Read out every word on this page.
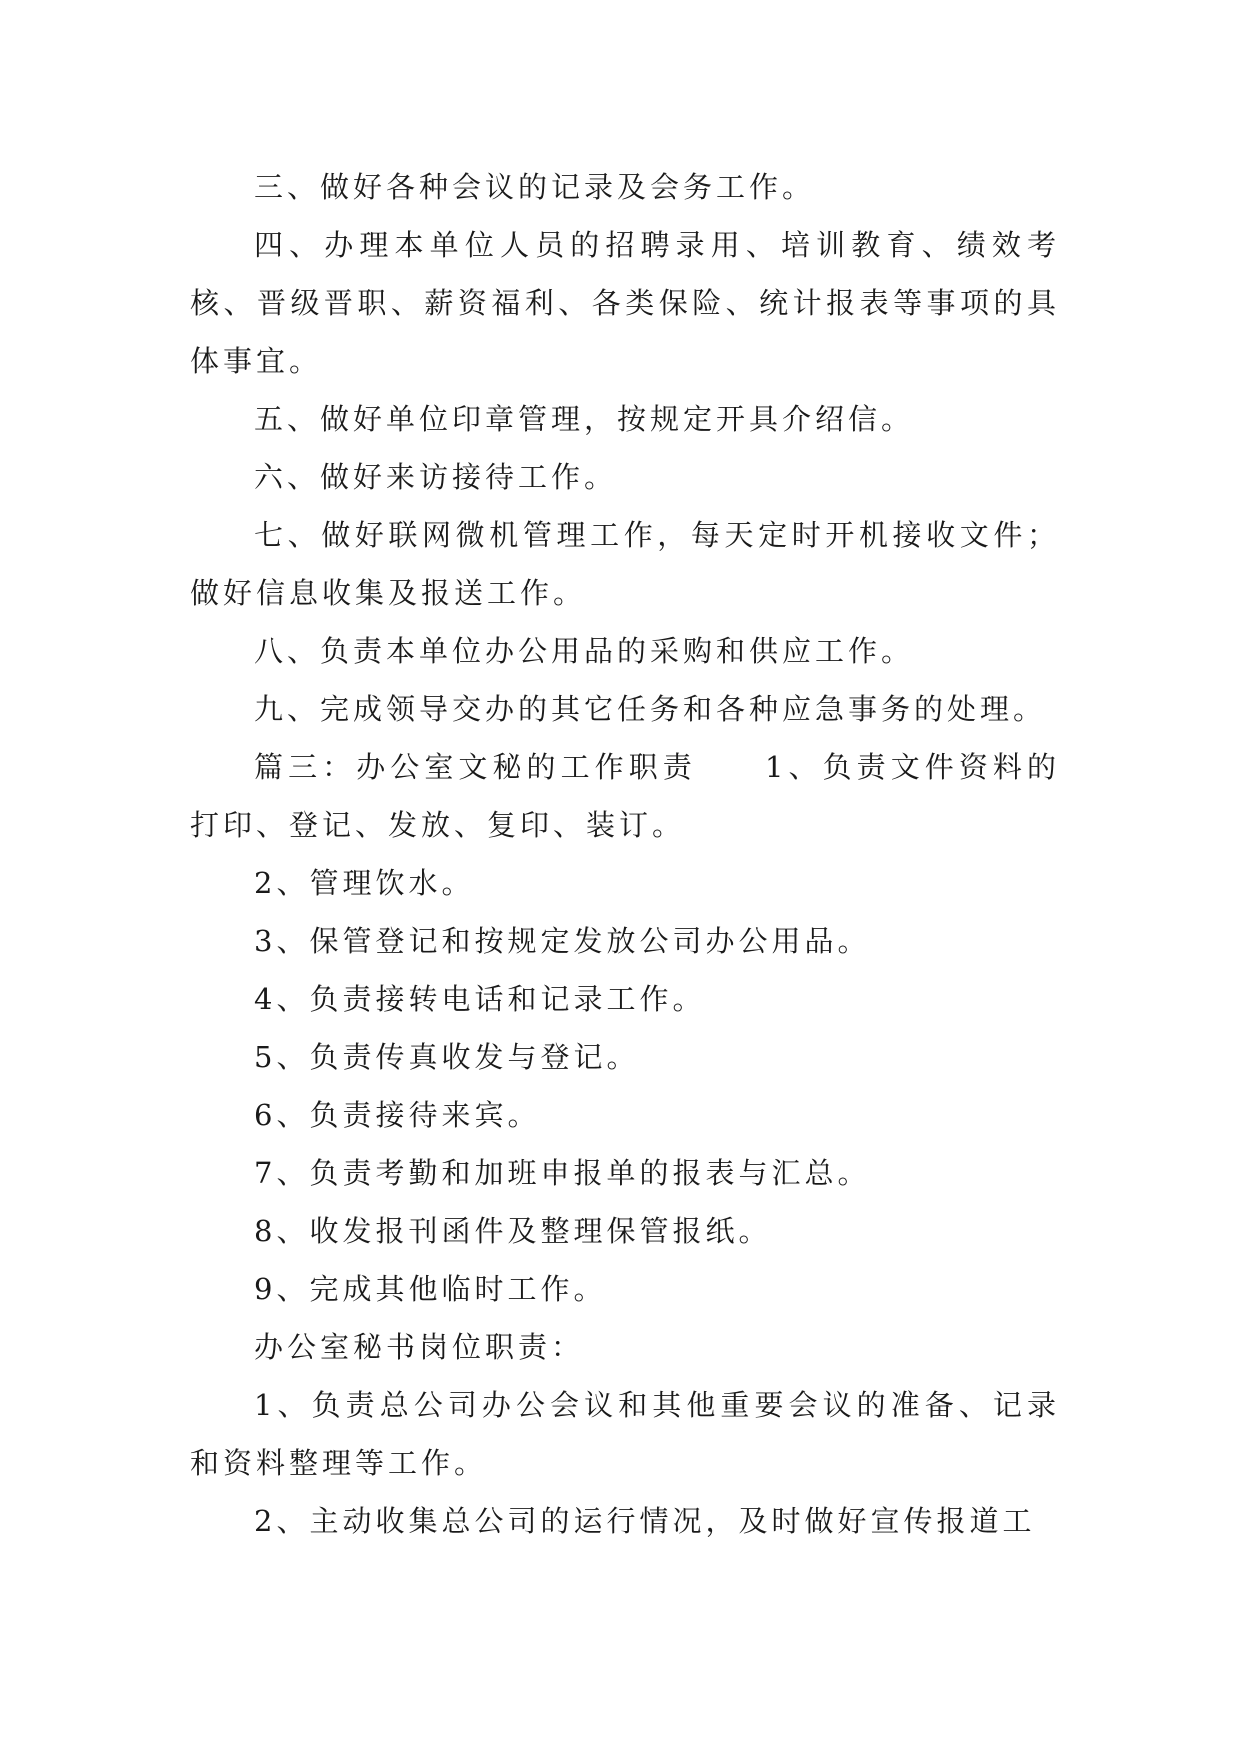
三、做好各种会议的记录及会务工作。

四、办理本单位人员的招聘录用、培训教育、绩效考核、晋级晋职、薪资福利、各类保险、统计报表等事项的具体事宜。

五、做好单位印章管理，按规定开具介绍信。

六、做好来访接待工作。

七、做好联网微机管理工作，每天定时开机接收文件；做好信息收集及报送工作。

八、负责本单位办公用品的采购和供应工作。

九、完成领导交办的其它任务和各种应急事务的处理。

篇三：办公室文秘的工作职责　　1、负责文件资料的打印、登记、发放、复印、装订。

2、管理饮水。

3、保管登记和按规定发放公司办公用品。

4、负责接转电话和记录工作。

5、负责传真收发与登记。

6、负责接待来宾。

7、负责考勤和加班申报单的报表与汇总。

8、收发报刊函件及整理保管报纸。

9、完成其他临时工作。

办公室秘书岗位职责：

1、负责总公司办公会议和其他重要会议的准备、记录和资料整理等工作。

2、主动收集总公司的运行情况，及时做好宣传报道工
